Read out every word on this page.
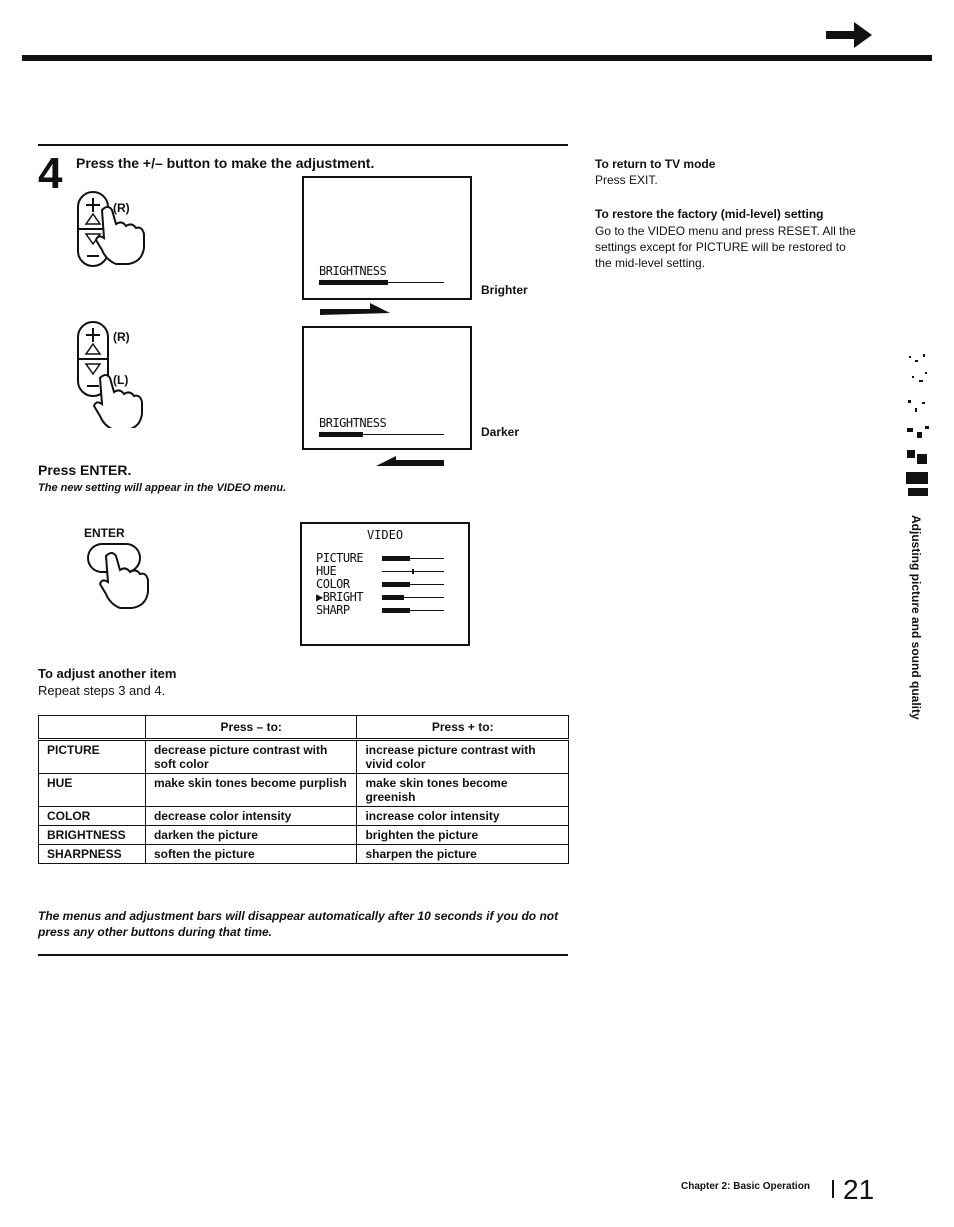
4 Press the +/– button to make the adjustment.
(R)
(R)
(L)
BRIGHTNESS
Brighter
BRIGHTNESS
Darker
Press ENTER.
The new setting will appear in the VIDEO menu.
ENTER	VIDEO
PICTURE
HUE
COLOR
▶BRIGHT
SHARP
To adjust another item
Repeat steps 3 and 4.
	Press – to:	Press + to:
PICTURE	decrease picture contrast with soft color	increase picture contrast with vivid color
HUE	make skin tones become purplish	make skin tones become greenish
COLOR	decrease color intensity	increase color intensity
BRIGHTNESS	darken the picture	brighten the picture
SHARPNESS	soften the picture	sharpen the picture
The menus and adjustment bars will disappear automatically after 10 seconds if you do not press any other buttons during that time.
To return to TV mode
Press EXIT.
To restore the factory (mid-level) setting
Go to the VIDEO menu and press RESET. All the settings except for PICTURE will be restored to the mid-level setting.
Adjusting picture and sound quality
Chapter 2: Basic Operation 21
